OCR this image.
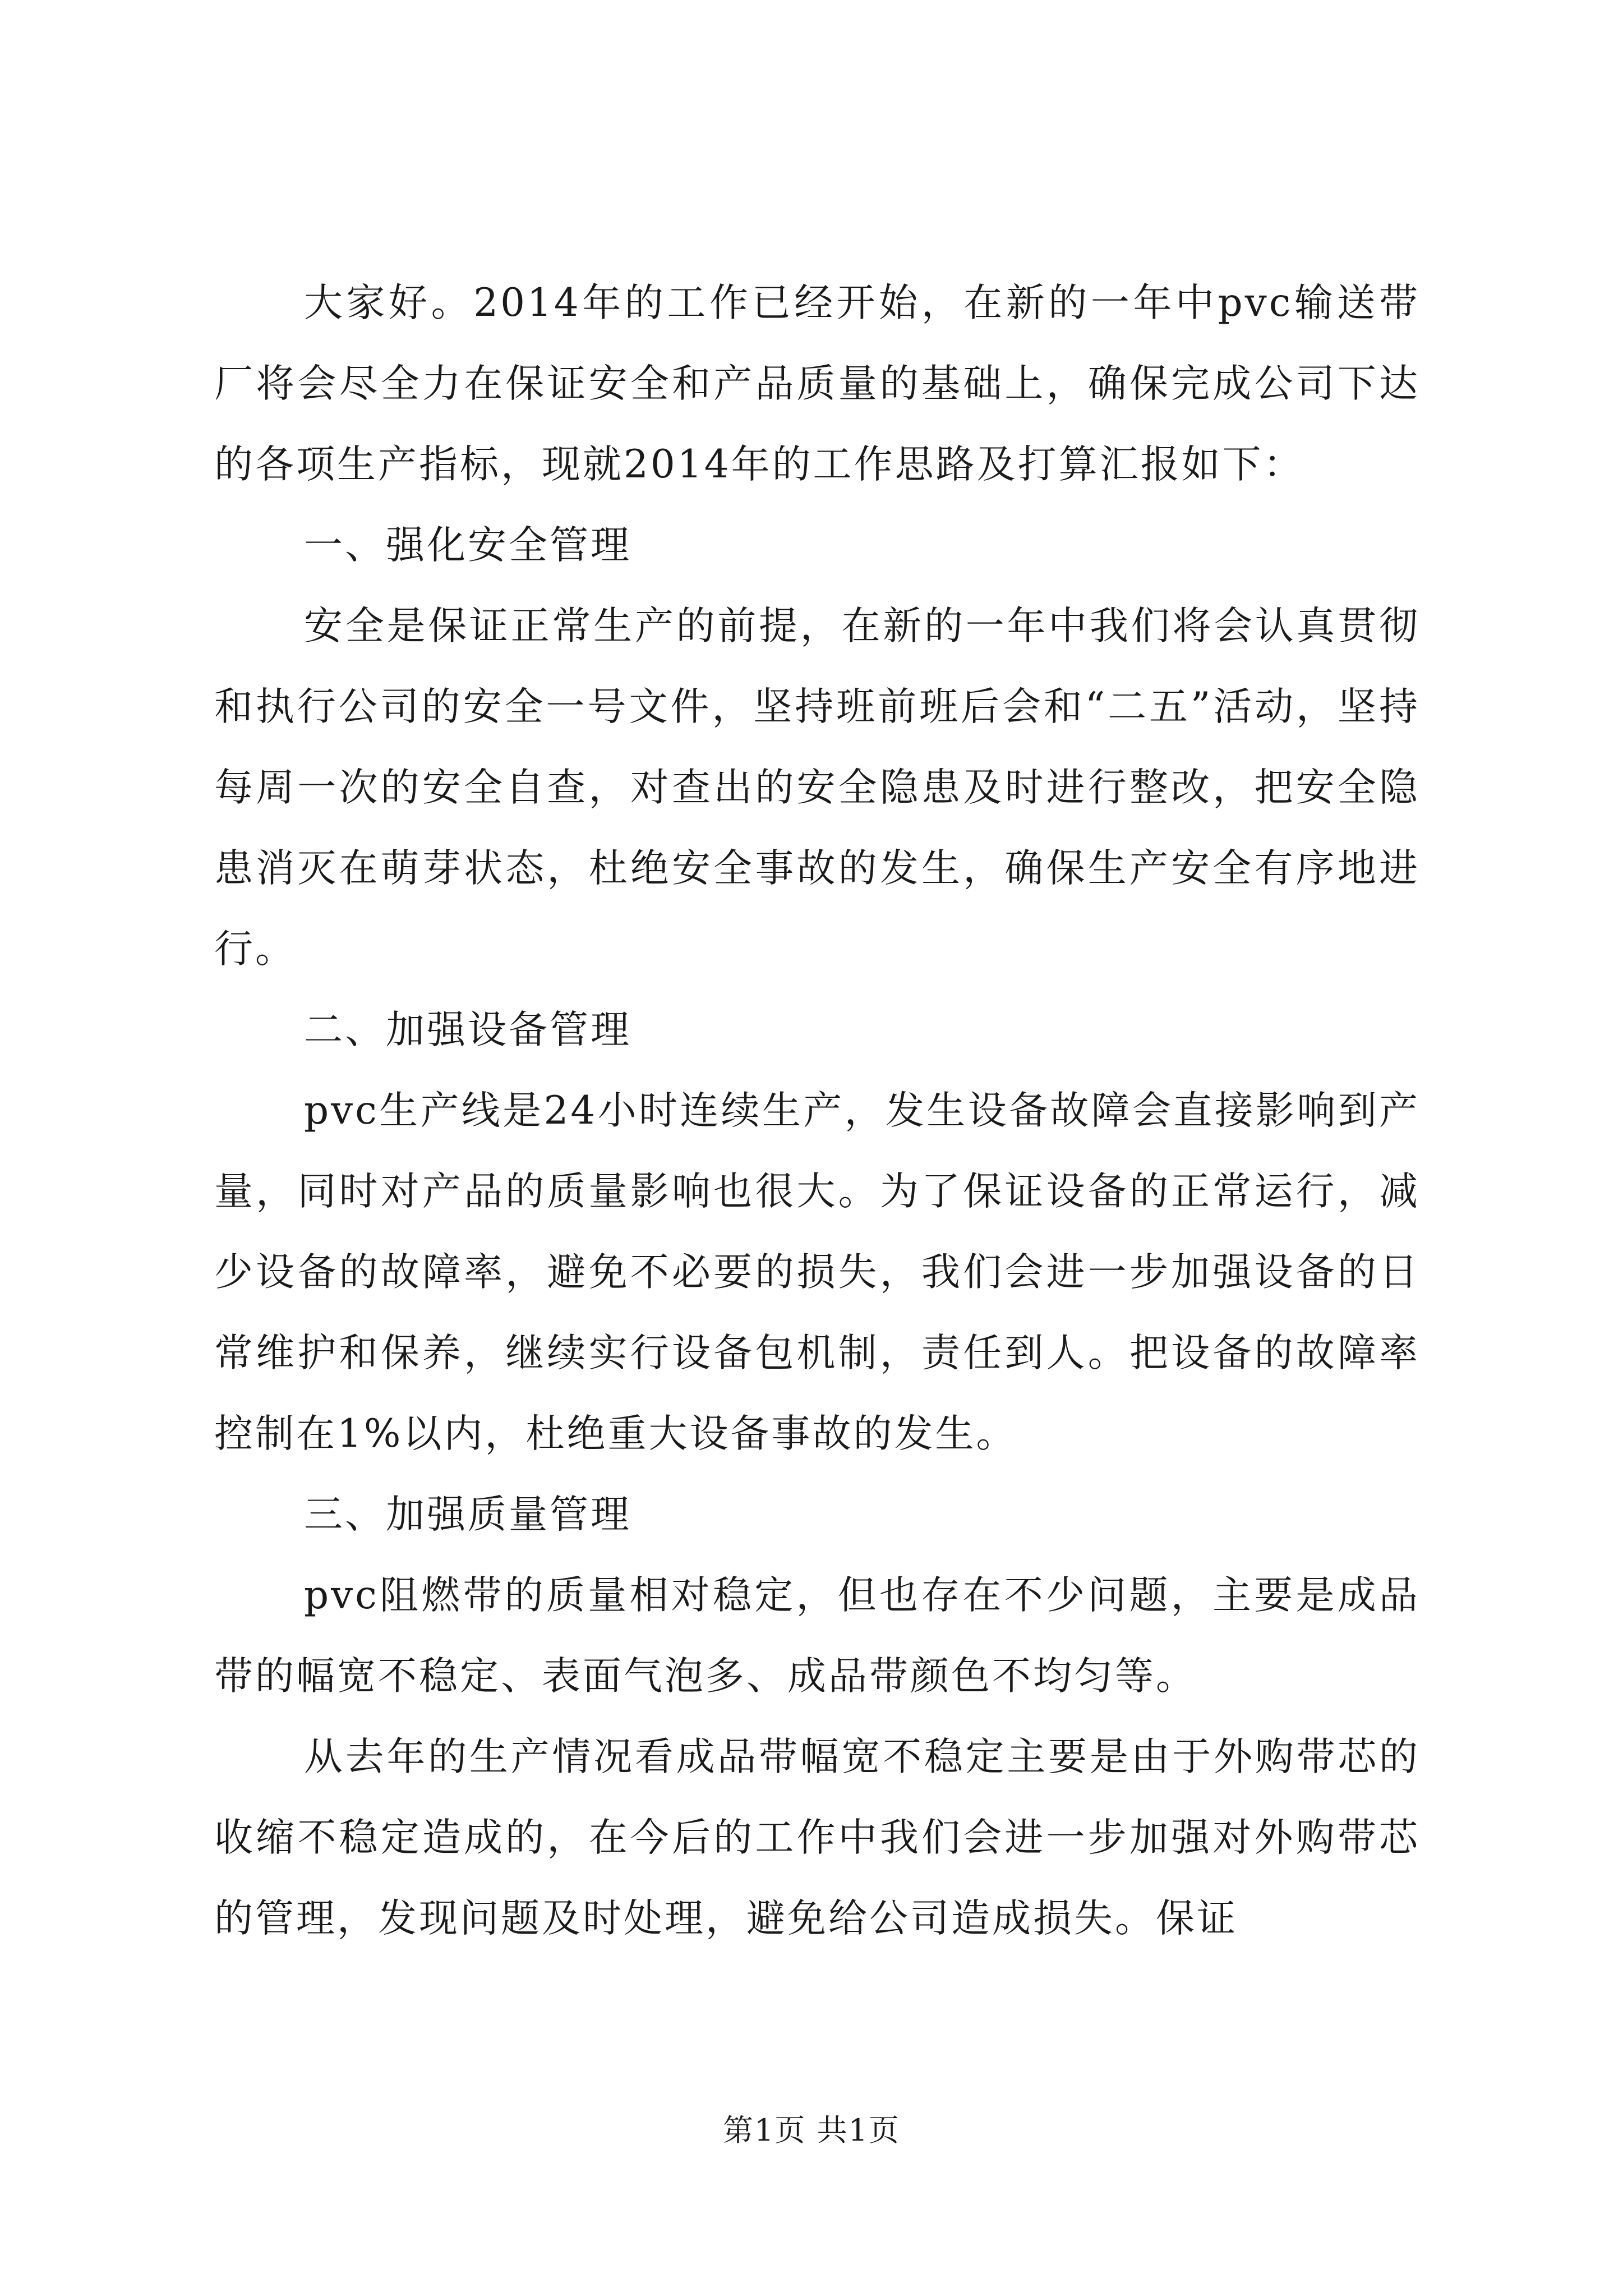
大家好。2014年的工作已经开始，在新的一年中pvc输送带厂将会尽全力在保证安全和产品质量的基础上，确保完成公司下达的各项生产指标，现就2014年的工作思路及打算汇报如下：

一、强化安全管理

安全是保证正常生产的前提，在新的一年中我们将会认真贯彻和执行公司的安全一号文件，坚持班前班后会和“二五”活动，坚持每周一次的安全自查，对查出的安全隐患及时进行整改，把安全隐患消灭在萌芽状态，杜绝安全事故的发生，确保生产安全有序地进行。

二、加强设备管理

pvc生产线是24小时连续生产，发生设备故障会直接影响到产量，同时对产品的质量影响也很大。为了保证设备的正常运行，减少设备的故障率，避免不必要的损失，我们会进一步加强设备的日常维护和保养，继续实行设备包机制，责任到人。把设备的故障率控制在1%以内，杜绝重大设备事故的发生。

三、加强质量管理

pvc阻燃带的质量相对稳定，但也存在不少问题，主要是成品带的幅宽不稳定、表面气泡多、成品带颜色不均匀等。

从去年的生产情况看成品带幅宽不稳定主要是由于外购带芯的收缩不稳定造成的，在今后的工作中我们会进一步加强对外购带芯的管理，发现问题及时处理，避免给公司造成损失。保证

第1页 共1页
